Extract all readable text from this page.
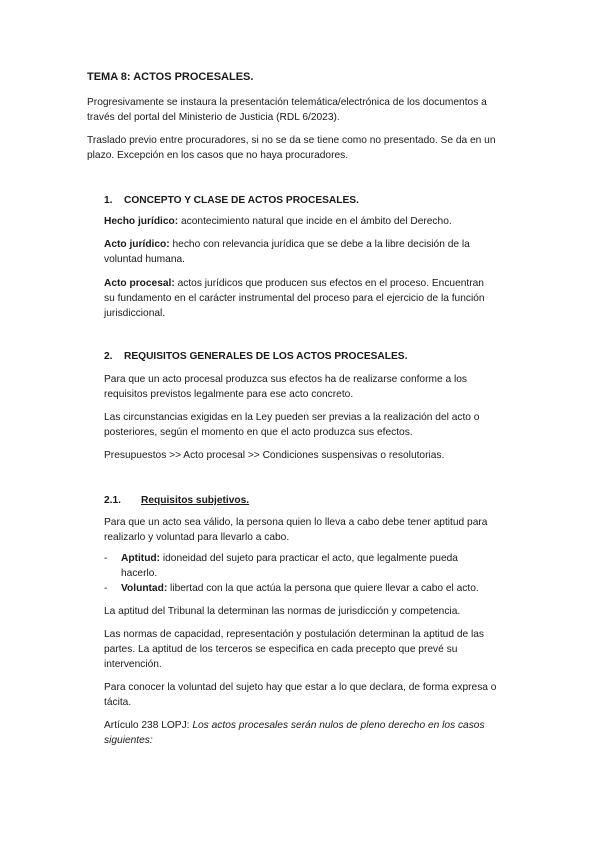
TEMA 8: ACTOS PROCESALES.
Progresivamente se instaura la presentación telemática/electrónica de los documentos a
través del portal del Ministerio de Justicia (RDL 6/2023).
Traslado previo entre procuradores, si no se da se tiene como no presentado. Se da en un
plazo. Excepción en los casos que no haya procuradores.
1. CONCEPTO Y CLASE DE ACTOS PROCESALES.
Hecho jurídico: acontecimiento natural que incide en el ámbito del Derecho.
Acto jurídico: hecho con relevancia jurídica que se debe a la libre decisión de la
voluntad humana.
Acto procesal: actos jurídicos que producen sus efectos en el proceso. Encuentran
su fundamento en el carácter instrumental del proceso para el ejercicio de la función
jurisdiccional.
2. REQUISITOS GENERALES DE LOS ACTOS PROCESALES.
Para que un acto procesal produzca sus efectos ha de realizarse conforme a los
requisitos previstos legalmente para ese acto concreto.
Las circunstancias exigidas en la Ley pueden ser previas a la realización del acto o
posteriores, según el momento en que el acto produzca sus efectos.
Presupuestos >> Acto procesal >> Condiciones suspensivas o resolutorias.
2.1. Requisitos subjetivos.
Para que un acto sea válido, la persona quien lo lleva a cabo debe tener aptitud para
realizarlo y voluntad para llevarlo a cabo.
- Aptitud: idoneidad del sujeto para practicar el acto, que legalmente pueda
hacerlo.
- Voluntad: libertad con la que actúa la persona que quiere llevar a cabo el acto.
La aptitud del Tribunal la determinan las normas de jurisdicción y competencia.
Las normas de capacidad, representación y postulación determinan la aptitud de las
partes. La aptitud de los terceros se especifica en cada precepto que prevé su
intervención.
Para conocer la voluntad del sujeto hay que estar a lo que declara, de forma expresa o
tácita.
Artículo 238 LOPJ: Los actos procesales serán nulos de pleno derecho en los casos
siguientes:
